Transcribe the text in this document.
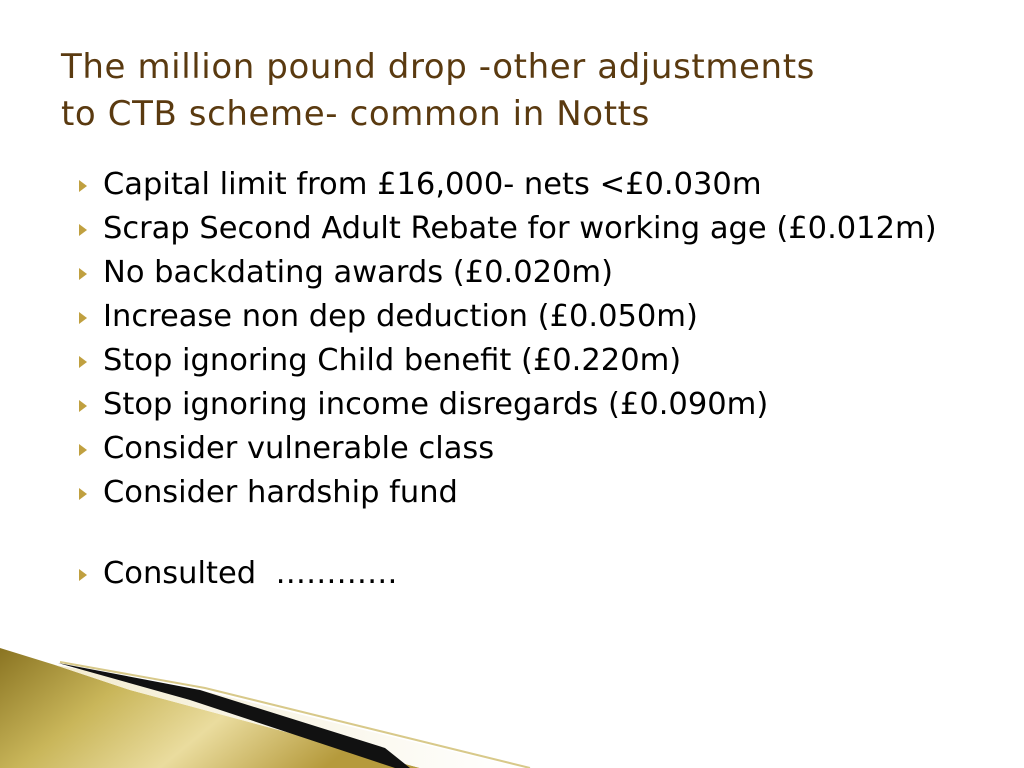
The million pound drop -other adjustments
to CTB scheme- common in Notts
Capital limit from £16,000- nets <£0.030m
Scrap Second Adult Rebate for working age (£0.012m)
No backdating awards (£0.020m)
Increase non dep deduction (£0.050m)
Stop ignoring Child benefit (£0.220m)
Stop ignoring income disregards (£0.090m)
Consider vulnerable class
Consider hardship fund
Consulted  …………
